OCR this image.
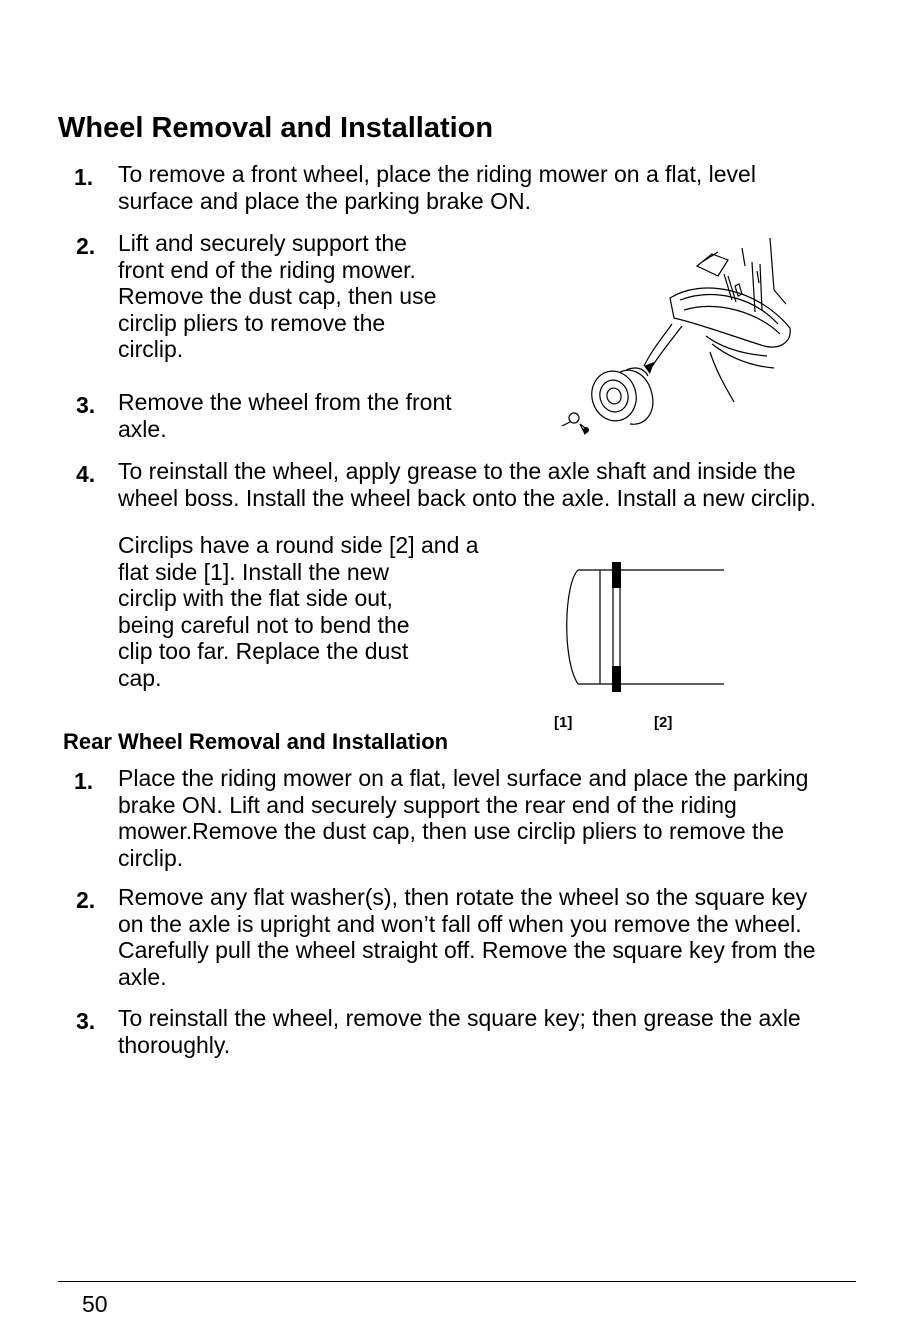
Wheel Removal and Installation
1. To remove a front wheel, place the riding mower on a flat, level
surface and place the parking brake ON.
2. Lift and securely support the
front end of the riding mower.
Remove the dust cap, then use
circlip pliers to remove the
circlip.
3. Remove the wheel from the front
axle.
4. To reinstall the wheel, apply grease to the axle shaft and inside the
wheel boss. Install the wheel back onto the axle. Install a new circlip.
Circlips have a round side [2] and a
flat side [1]. Install the new
circlip with the flat side out,
being careful not to bend the
clip too far. Replace the dust
cap.
[1]	[2]
Rear Wheel Removal and Installation
1. Place the riding mower on a flat, level surface and place the parking
brake ON. Lift and securely support the rear end of the riding
mower.Remove the dust cap, then use circlip pliers to remove the
circlip.
2. Remove any flat washer(s), then rotate the wheel so the square key
on the axle is upright and won’t fall off when you remove the wheel.
Carefully pull the wheel straight off. Remove the square key from the
axle.
3. To reinstall the wheel, remove the square key; then grease the axle
thoroughly.
50
